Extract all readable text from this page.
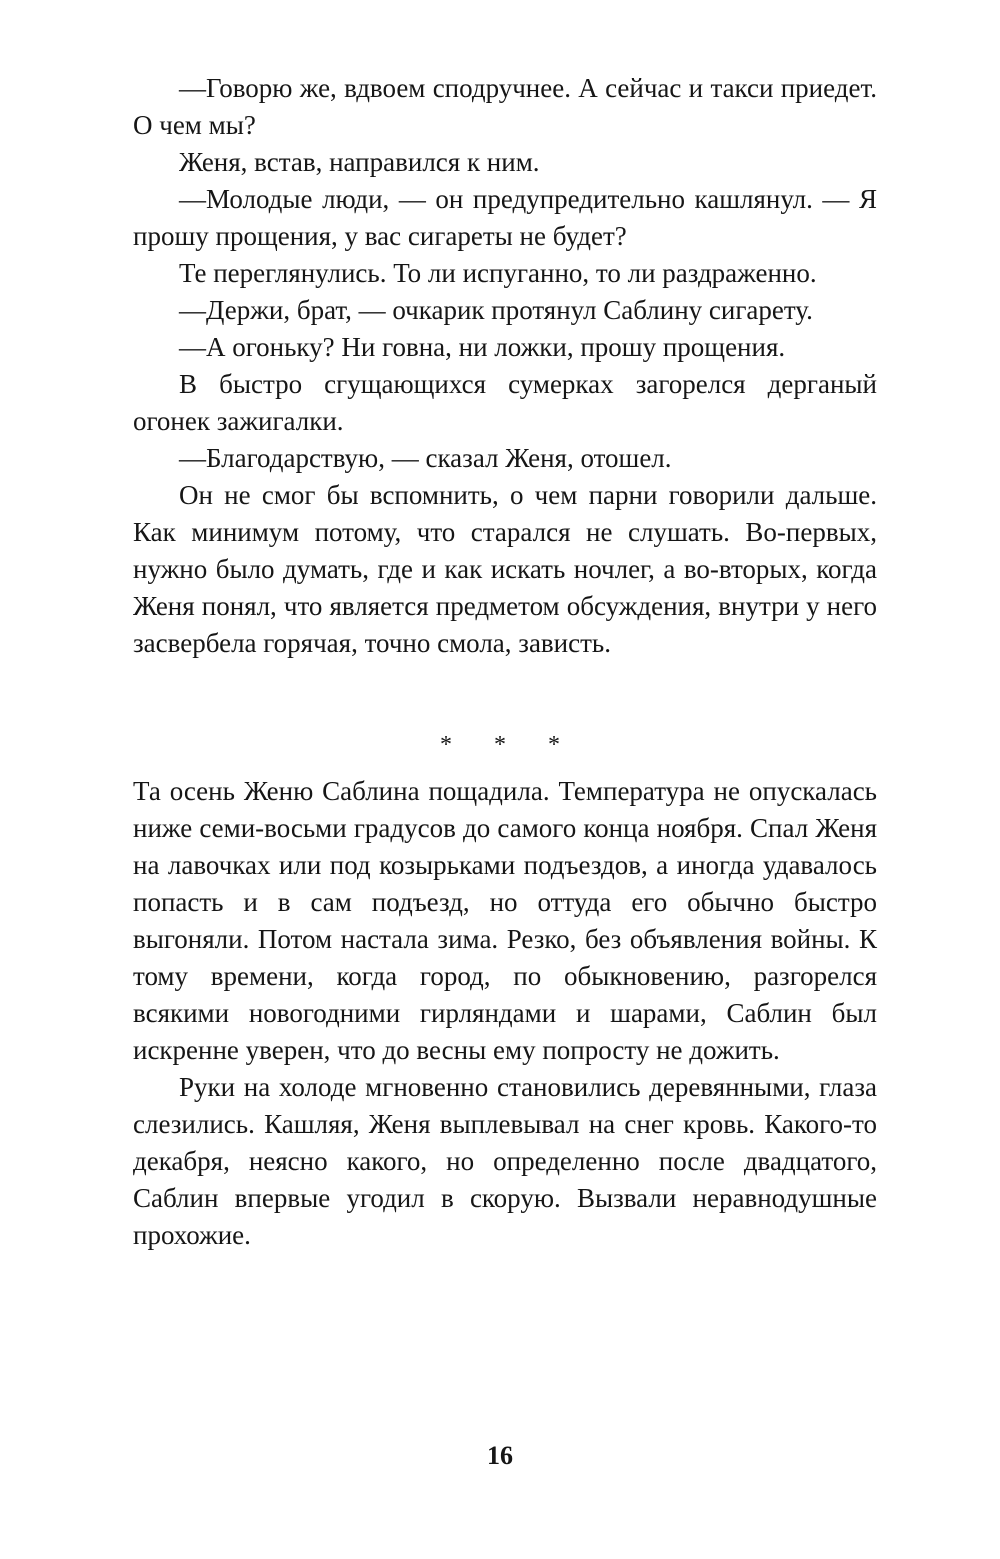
—Говорю же, вдвоем сподручнее. А сейчас и такси приедет. О чем мы?

Женя, встав, направился к ним.

—Молодые люди, — он предупредительно кашлянул. — Я прошу прощения, у вас сигареты не будет?

Те переглянулись. То ли испуганно, то ли раздраженно.

—Держи, брат, — очкарик протянул Саблину сигарету.

—А огоньку? Ни говна, ни ложки, прошу прощения.

В быстро сгущающихся сумерках загорелся дерганый огонек зажигалки.

—Благодарствую, — сказал Женя, отошел.

Он не смог бы вспомнить, о чем парни говорили дальше. Как минимум потому, что старался не слушать. Во-первых, нужно было думать, где и как искать ночлег, а во-вторых, когда Женя понял, что является предметом обсуждения, внутри у него засвербела горячая, точно смола, зависть.

* * *

Та осень Женю Саблина пощадила. Температура не опускалась ниже семи-восьми градусов до самого конца ноября. Спал Женя на лавочках или под козырьками подъездов, а иногда удавалось попасть и в сам подъезд, но оттуда его обычно быстро выгоняли. Потом настала зима. Резко, без объявления войны. К тому времени, когда город, по обыкновению, разгорелся всякими новогодними гирляндами и шарами, Саблин был искренне уверен, что до весны ему попросту не дожить.

Руки на холоде мгновенно становились деревянными, глаза слезились. Кашляя, Женя выплевывал на снег кровь. Какого-то декабря, неясно какого, но определенно после двадцатого, Саблин впервые угодил в скорую. Вызвали неравнодушные прохожие.

16
